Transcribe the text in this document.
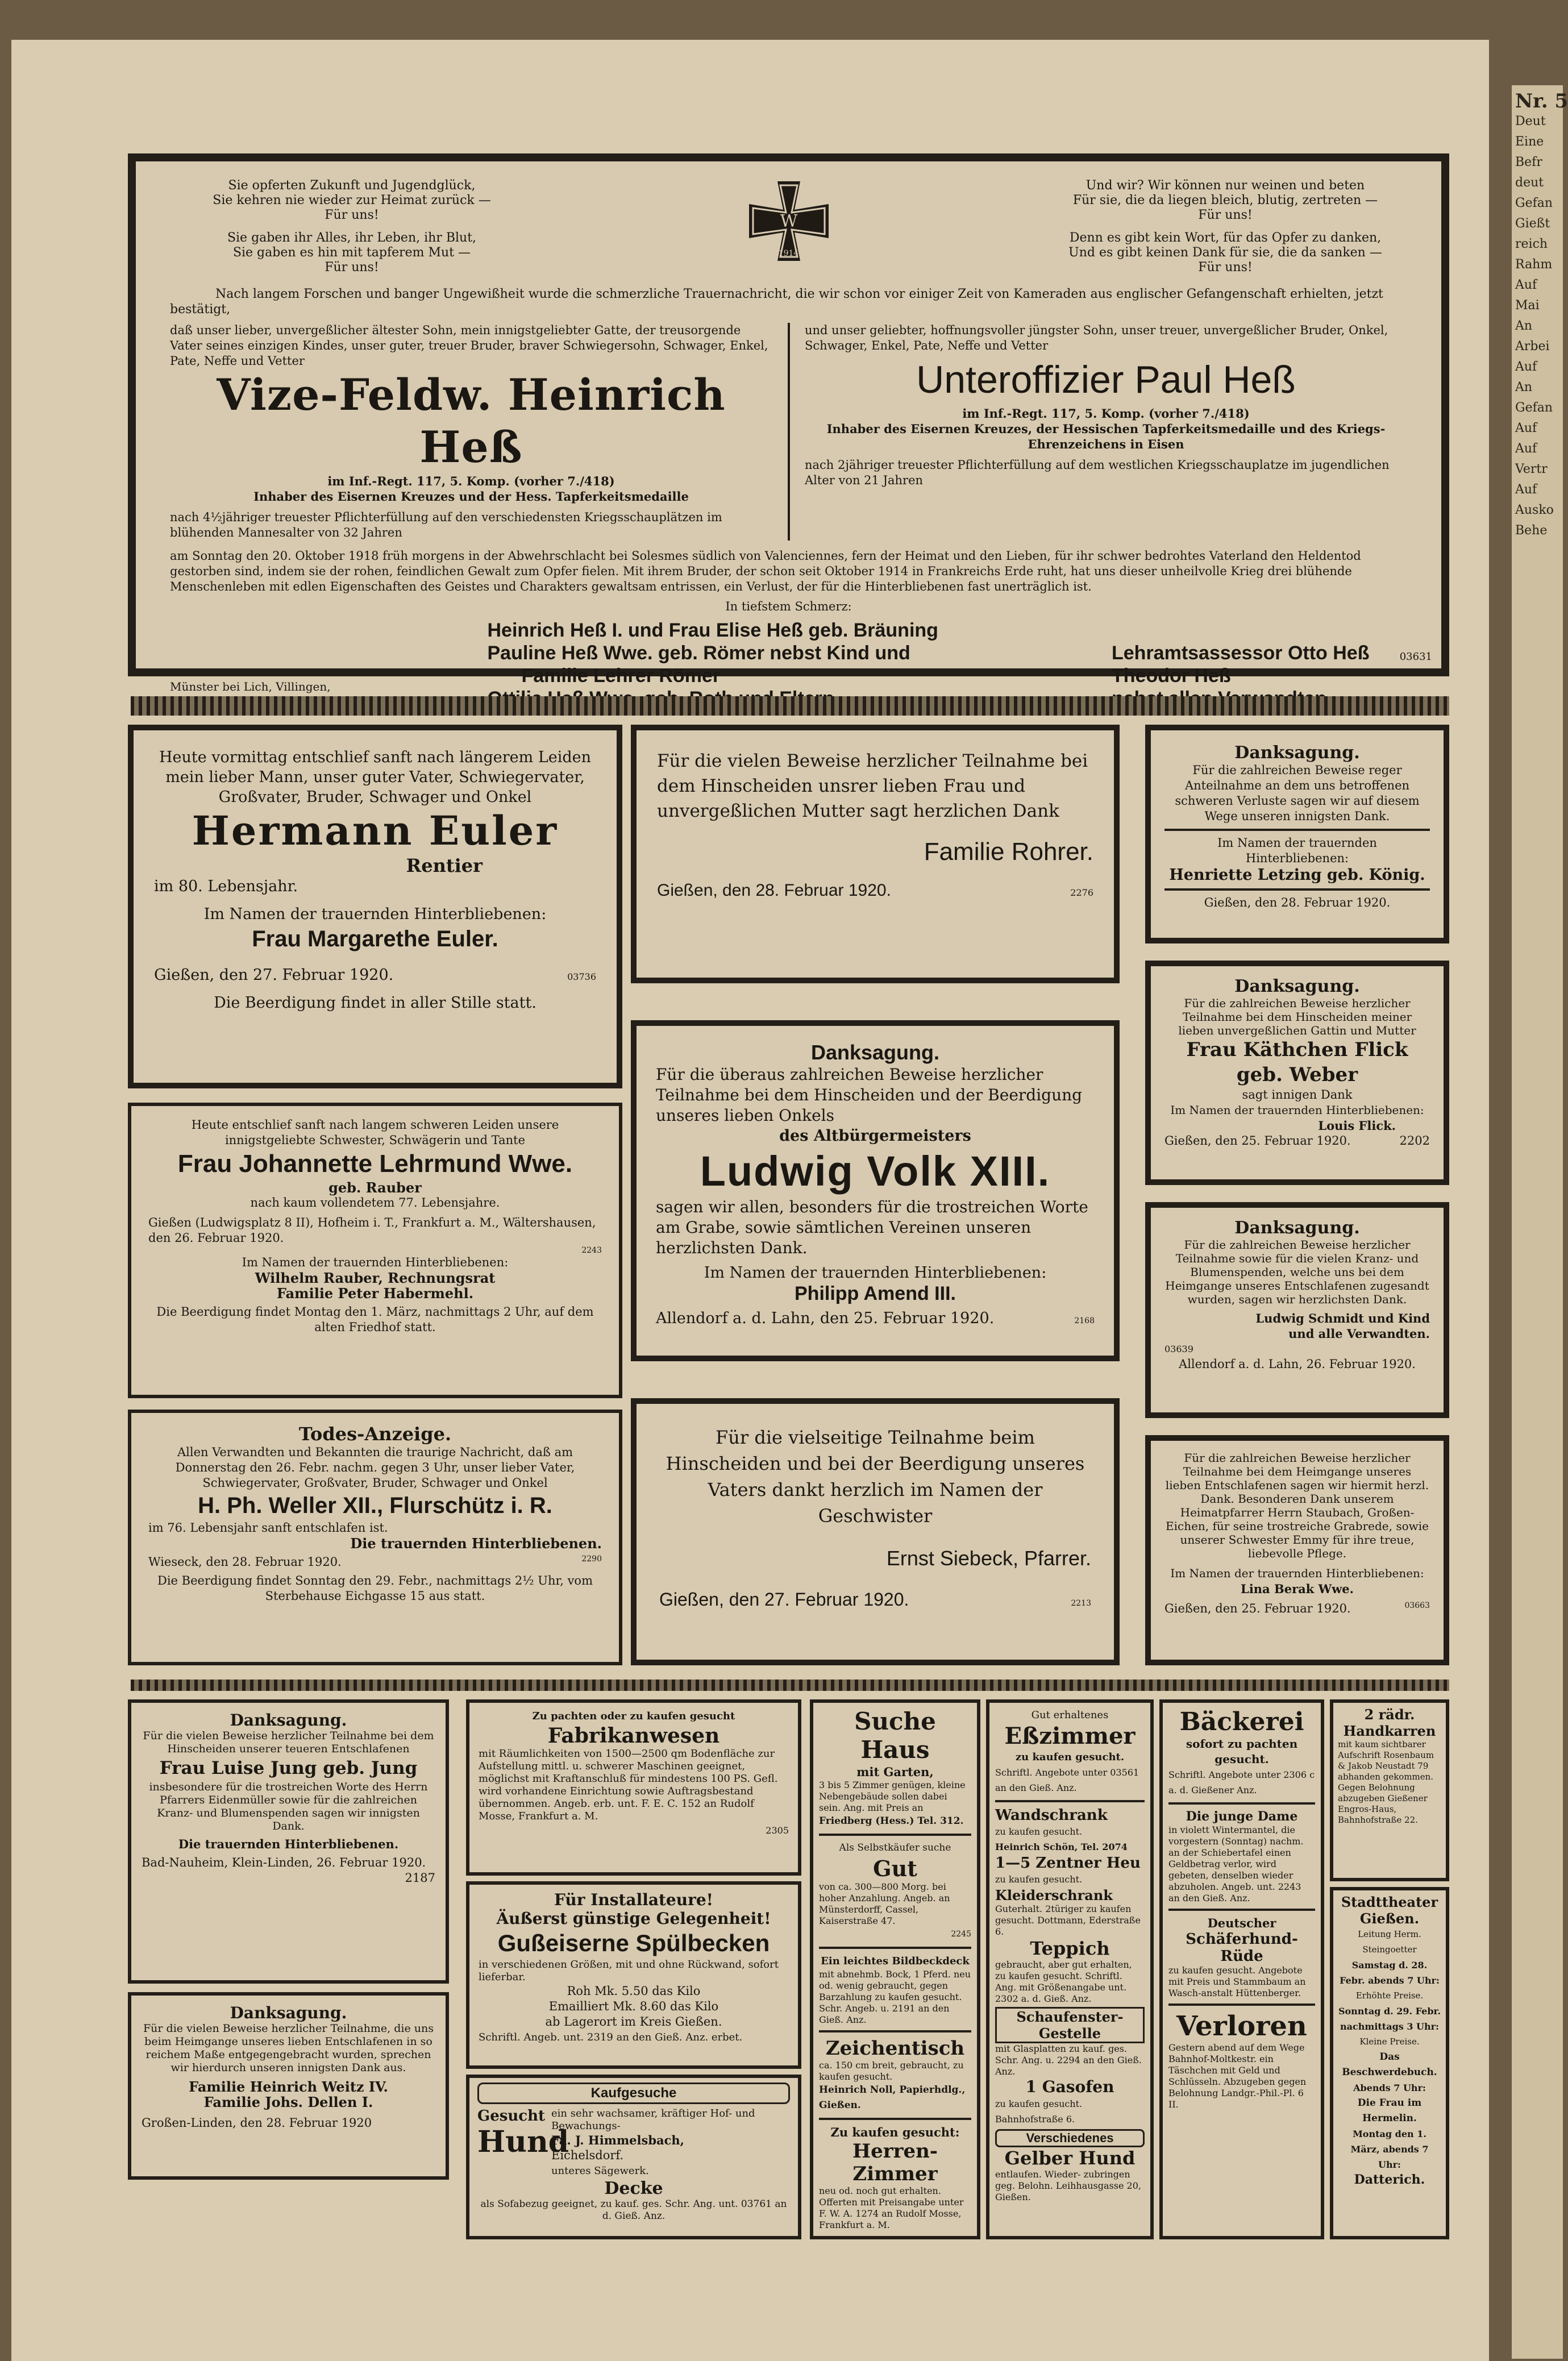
Nr. 5
Deut
Eine
Befr
deut
Gefan
Gießt
reich
Rahm
Auf
Mai
An
Arbei
Auf
An
Gefan
Auf
Auf
Vertr
Auf
Ausko
Behe
Sie opferten Zukunft und Jugendglück,
Sie kehren nie wieder zur Heimat zurück —
Für uns!
Sie gaben ihr Alles, ihr Leben, ihr Blut,
Sie gaben es hin mit tapferem Mut —
Für uns!
W
1914
Und wir? Wir können nur weinen und beten
Für sie, die da liegen bleich, blutig, zertreten —
Für uns!
Denn es gibt kein Wort, für das Opfer zu danken,
Und es gibt keinen Dank für sie, die da sanken —
Für uns!
Nach langem Forschen und banger Ungewißheit wurde die schmerzliche Trauernachricht, die wir schon vor einiger Zeit von Kameraden aus englischer Gefangenschaft erhielten, jetzt bestätigt,
daß unser lieber, unvergeßlicher ältester Sohn, mein innigstgeliebter Gatte, der treusorgende Vater seines einzigen Kindes, unser guter, treuer Bruder, braver Schwiegersohn, Schwager, Enkel, Pate, Neffe und Vetter
Vize-Feldw. Heinrich Heß
im Inf.-Regt. 117, 5. Komp. (vorher 7./418)
Inhaber des Eisernen Kreuzes und der Hess. Tapferkeitsmedaille
nach 4½jähriger treuester Pflichterfüllung auf den verschiedensten Kriegsschauplätzen im blühenden Mannesalter von 32 Jahren
und unser geliebter, hoffnungsvoller jüngster Sohn, unser treuer, unvergeßlicher Bruder, Onkel, Schwager, Enkel, Pate, Neffe und Vetter
Unteroffizier Paul Heß
im Inf.-Regt. 117, 5. Komp. (vorher 7./418)
Inhaber des Eisernen Kreuzes, der Hessischen Tapferkeitsmedaille und des Kriegs-Ehrenzeichens in Eisen
nach 2jähriger treuester Pflichterfüllung auf dem westlichen Kriegsschauplatze im jugendlichen Alter von 21 Jahren
am Sonntag den 20. Oktober 1918 früh morgens in der Abwehrschlacht bei Solesmes südlich von Valenciennes, fern der Heimat und den Lieben, für ihr schwer bedrohtes Vaterland den Heldentod gestorben sind, indem sie der rohen, feindlichen Gewalt zum Opfer fielen. Mit ihrem Bruder, der schon seit Oktober 1914 in Frankreichs Erde ruht, hat uns dieser unheilvolle Krieg drei blühende Menschenleben mit edlen Eigenschaften des Geistes und Charakters gewaltsam entrissen, ein Verlust, der für die Hinterbliebenen fast unerträglich ist.
In tiefstem Schmerz:
Münster bei Lich, Villingen,
Heinrich Heß I. und Frau Elise Heß geb. Bräuning
Pauline Heß Wwe. geb. Römer nebst Kind und
Familie Lehrer Römer
Lehramtsassessor Otto Heß
Theodor Heß
03631
Heute vormittag entschlief sanft nach längerem Leiden mein lieber Mann, unser guter Vater, Schwiegervater, Großvater, Bruder, Schwager und Onkel
Hermann Euler
Rentier
im 80. Lebensjahr.
Im Namen der trauernden Hinterbliebenen:
Frau Margarethe Euler.
Gießen, den 27. Februar 1920.	03736
Die Beerdigung findet in aller Stille statt.
Heute entschlief sanft nach langem schweren Leiden unsere innigstgeliebte Schwester, Schwägerin und Tante
Frau Johannette Lehrmund Wwe.
geb. Rauber
nach kaum vollendetem 77. Lebensjahre.
Gießen (Ludwigsplatz 8 II), Hofheim i. T., Frankfurt a. M., Wältershausen, den 26. Februar 1920.
2243
Im Namen der trauernden Hinterbliebenen:
Wilhelm Rauber, Rechnungsrat
Familie Peter Habermehl.
Die Beerdigung findet Montag den 1. März, nachmittags 2 Uhr, auf dem alten Friedhof statt.
Todes-Anzeige.
Allen Verwandten und Bekannten die traurige Nachricht, daß am Donnerstag den 26. Febr. nachm. gegen 3 Uhr, unser lieber Vater, Schwiegervater, Großvater, Bruder, Schwager und Onkel
H. Ph. Weller XII., Flurschütz i. R.
im 76. Lebensjahr sanft entschlafen ist.
Die trauernden Hinterbliebenen.
Wieseck, den 28. Februar 1920.	2290
Die Beerdigung findet Sonntag den 29. Febr., nachmittags 2½ Uhr, vom Sterbehause Eichgasse 15 aus statt.
Für die vielen Beweise herzlicher Teilnahme bei dem Hinscheiden unsrer lieben Frau und unvergeßlichen Mutter sagt herzlichen Dank
Familie Rohrer.
Gießen, den 28. Februar 1920.	2276
Danksagung.
Für die überaus zahlreichen Beweise herzlicher Teilnahme bei dem Hinscheiden und der Beerdigung unseres lieben Onkels
des Altbürgermeisters
Ludwig Volk XIII.
sagen wir allen, besonders für die trostreichen Worte am Grabe, sowie sämtlichen Vereinen unseren herzlichsten Dank.
Im Namen der trauernden Hinterbliebenen:
Philipp Amend III.
Allendorf a. d. Lahn, den 25. Februar 1920.	2168
Für die vielseitige Teilnahme beim Hinscheiden und bei der Beerdigung unseres Vaters dankt herzlich im Namen der Geschwister
Ernst Siebeck, Pfarrer.
Gießen, den 27. Februar 1920.	2213
Danksagung.
Für die zahlreichen Beweise reger Anteilnahme an dem uns betroffenen schweren Verluste sagen wir auf diesem Wege unseren innigsten Dank.
Im Namen der trauernden Hinterbliebenen:
Henriette Letzing geb. König.
Gießen, den 28. Februar 1920.
Danksagung.
Für die zahlreichen Beweise herzlicher Teilnahme bei dem Hinscheiden meiner lieben unvergeßlichen Gattin und Mutter
Frau Käthchen Flick geb. Weber
sagt innigen Dank
Im Namen der trauernden Hinterbliebenen:
Louis Flick.
Gießen, den 25. Februar 1920.	2202
Danksagung.
Für die zahlreichen Beweise herzlicher Teilnahme sowie für die vielen Kranz- und Blumenspenden, welche uns bei dem Heimgange unseres Entschlafenen zugesandt wurden, sagen wir herzlichsten Dank.
Ludwig Schmidt und Kind
und alle Verwandten.
03639
Allendorf a. d. Lahn, 26. Februar 1920.
Für die zahlreichen Beweise herzlicher Teilnahme bei dem Heimgange unseres lieben Entschlafenen sagen wir hiermit herzl. Dank. Besonderen Dank unserem Heimatpfarrer Herrn Staubach, Großen-Eichen, für seine trostreiche Grabrede, sowie unserer Schwester Emmy für ihre treue, liebevolle Pflege.
Im Namen der trauernden Hinterbliebenen:
Lina Berak Wwe.
Gießen, den 25. Februar 1920.	03663
Danksagung.
Für die vielen Beweise herzlicher Teilnahme bei dem Hinscheiden unserer teueren Entschlafenen
Frau Luise Jung geb. Jung
insbesondere für die trostreichen Worte des Herrn Pfarrers Eidenmüller sowie für die zahlreichen Kranz- und Blumenspenden sagen wir innigsten Dank.
Die trauernden Hinterbliebenen.
Bad-Nauheim, Klein-Linden, 26. Februar 1920.
2187
Danksagung.
Für die vielen Beweise herzlicher Teilnahme, die uns beim Heimgange unseres lieben Entschlafenen in so reichem Maße entgegengebracht wurden, sprechen wir hierdurch unseren innigsten Dank aus.
Familie Heinrich Weitz IV.
Familie Johs. Dellen I.
Großen-Linden, den 28. Februar 1920
Zu pachten oder zu kaufen gesucht
Fabrikanwesen
mit Räumlichkeiten von 1500—2500 qm Bodenfläche zur Aufstellung mittl. u. schwerer Maschinen geeignet, möglichst mit Kraftanschluß für mindestens 100 PS. Gefl. wird vorhandene Einrichtung sowie Auftragsbestand übernommen. Angeb. erb. unt. F. E. C. 152 an Rudolf Mosse, Frankfurt a. M.
2305
Für Installateure!
Äußerst günstige Gelegenheit!
Gußeiserne Spülbecken
in verschiedenen Größen, mit und ohne Rückwand, sofort lieferbar.
Roh Mk. 5.50 das Kilo
Emailliert Mk. 8.60 das Kilo
ab Lagerort im Kreis Gießen.
Schriftl. Angeb. unt. 2319 an den Gieß. Anz. erbet.
Kaufgesuche
Gesucht
Hund
ein sehr wachsamer, kräftiger Hof- und Bewachungs-
Fa. J. Himmelsbach,
Eichelsdorf.
unteres Sägewerk.
Decke
als Sofabezug geeignet, zu kauf. ges. Schr. Ang. unt. 03761 an d. Gieß. Anz.
Suche Haus
mit Garten,
3 bis 5 Zimmer genügen, kleine Nebengebäude sollen dabei sein. Ang. mit Preis an
Friedberg (Hess.) Tel. 312.
Als Selbstkäufer suche
Gut
von ca. 300—800 Morg. bei hoher Anzahlung. Angeb. an Münsterdorff, Cassel, Kaiserstraße 47.
2245
Ein leichtes Bildbeckdeck
mit abnehmb. Bock, 1 Pferd. neu od. wenig gebraucht, gegen Barzahlung zu kaufen gesucht. Schr. Angeb. u. 2191 an den Gieß. Anz.
Zeichentisch
ca. 150 cm breit, gebraucht, zu kaufen gesucht.
Heinrich Noll, Papierhdlg., Gießen.
Zu kaufen gesucht:
Herren-Zimmer
neu od. noch gut erhalten. Offerten mit Preisangabe unter F. W. A. 1274 an Rudolf Mosse, Frankfurt a. M.
Gut erhaltenes
Eßzimmer
zu kaufen gesucht.
Schriftl. Angebote unter 03561 an den Gieß. Anz.
Wandschrank
zu kaufen gesucht.
Heinrich Schön, Tel. 2074
1—5 Zentner Heu
zu kaufen gesucht.
Kleiderschrank
Guterhalt. 2türiger zu kaufen gesucht. Dottmann, Ederstraße 6.
Teppich
gebraucht, aber gut erhalten, zu kaufen gesucht. Schriftl. Ang. mit Größenangabe unt. 2302 a. d. Gieß. Anz.
Schaufenster-Gestelle
mit Glasplatten zu kauf. ges. Schr. Ang. u. 2294 an den Gieß. Anz.
1 Gasofen
zu kaufen gesucht. Bahnhofstraße 6.
Verschiedenes
Gelber Hund
entlaufen. Wieder- zubringen geg. Belohn. Leihhausgasse 20, Gießen.
Bäckerei
sofort zu pachten gesucht.
Schriftl. Angebote unter 2306 c a. d. Gießener Anz.
Die junge Dame
in violett Wintermantel, die vorgestern (Sonntag) nachm. an der Schiebertafel einen Geldbetrag verlor, wird gebeten, denselben wieder abzuholen. Angeb. unt. 2243 an den Gieß. Anz.
Deutscher
Schäferhund-Rüde
zu kaufen gesucht. Angebote mit Preis und Stammbaum an Wasch-anstalt Hüttenberger.
Verloren
Gestern abend auf dem Wege Bahnhof-Moltkestr. ein Täschchen mit Geld und Schlüsseln. Abzugeben gegen Belohnung Landgr.-Phil.-Pl. 6 II.
2 rädr. Handkarren
mit kaum sichtbarer Aufschrift Rosenbaum & Jakob Neustadt 79 abhanden gekommen. Gegen Belohnung abzugeben Gießener Engros-Haus, Bahnhofstraße 22.
Stadttheater Gießen.
Leitung Herm. Steingoetter
Samstag d. 28. Febr. abends 7 Uhr:
Erhöhte Preise.
Sonntag d. 29. Febr. nachmittags 3 Uhr:
Kleine Preise.
Das Beschwerdebuch.
Abends 7 Uhr:
Die Frau im Hermelin.
Montag den 1. März, abends 7 Uhr:
Datterich.
